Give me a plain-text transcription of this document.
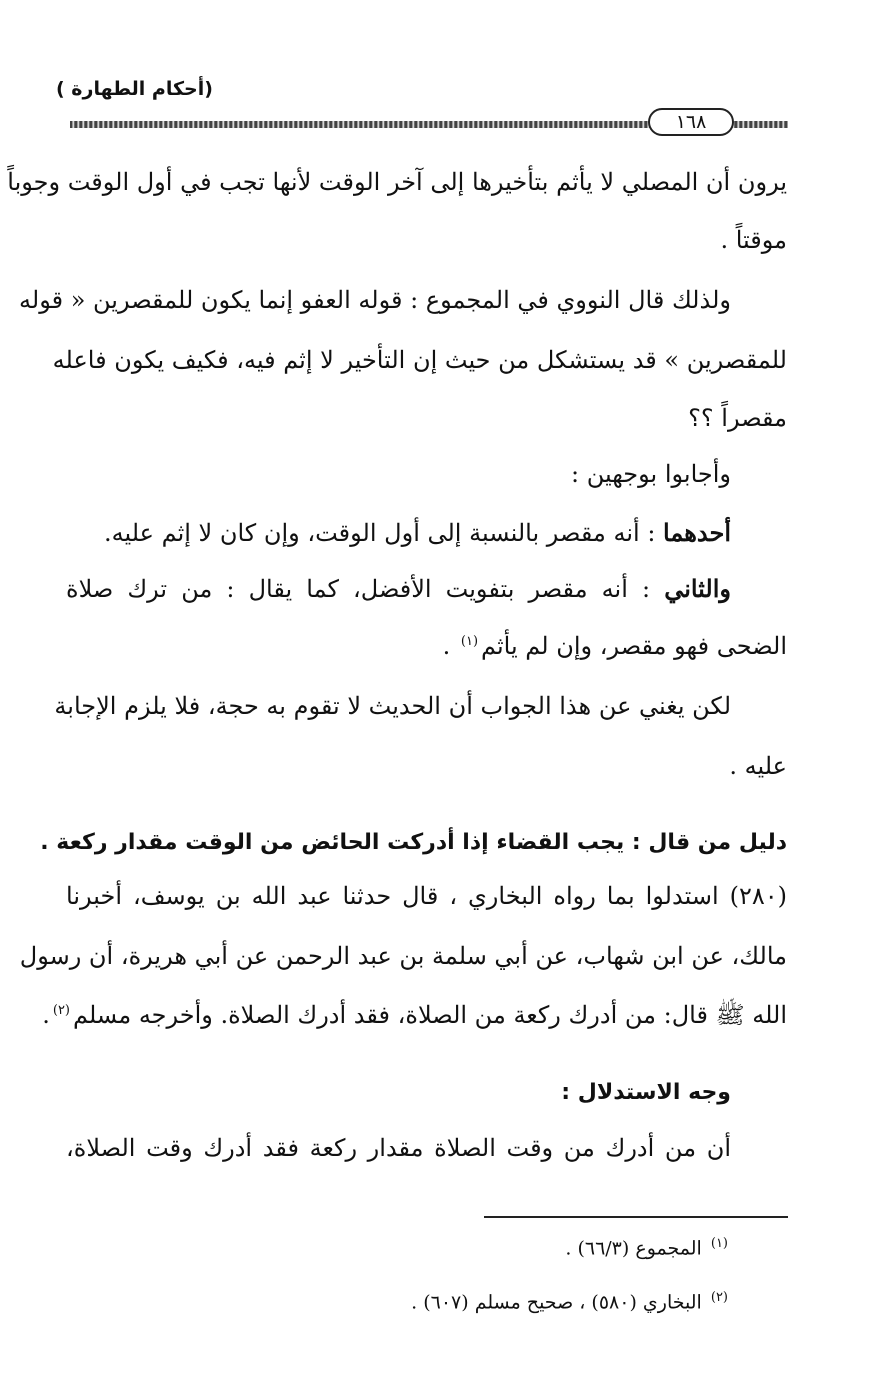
(أحكام الطهارة )
١٦٨
يرون أن المصلي لا يأثم بتأخيرها إلى آخر الوقت لأنها تجب في أول الوقت وجوباً
موقتاً .
ولذلك قال النووي في المجموع : قوله العفو إنما يكون للمقصرين « قوله
للمقصرين » قد يستشكل من حيث إن التأخير لا إثم فيه، فكيف يكون فاعله
مقصراً ؟؟
وأجابوا بوجهين :
أحدهما : أنه مقصر بالنسبة إلى أول الوقت، وإن كان لا إثم عليه.
والثاني : أنه مقصر بتفويت الأفضل، كما يقال : من ترك صلاة
الضحى فهو مقصر، وإن لم يأثم$^{(١)}$ .
لكن يغني عن هذا الجواب أن الحديث لا تقوم به حجة، فلا يلزم الإجابة
عليه .
دليل من قال : يجب القضاء إذا أدركت الحائض من الوقت مقدار ركعة .
(٢٨٠) استدلوا بما رواه البخاري ، قال حدثنا عبد الله بن يوسف، أخبرنا
مالك، عن ابن شهاب، عن أبي سلمة بن عبد الرحمن عن أبي هريرة، أن رسول
الله ﷺ قال: من أدرك ركعة من الصلاة، فقد أدرك الصلاة. وأخرجه مسلم$^{(٢)}$.
وجه الاستدلال :
أن من أدرك من وقت الصلاة مقدار ركعة فقد أدرك وقت الصلاة،
$^{(١)}$ المجموع (٦٦/٣) .
$^{(٢)}$ البخاري (٥٨٠) ، صحيح مسلم (٦٠٧) .
